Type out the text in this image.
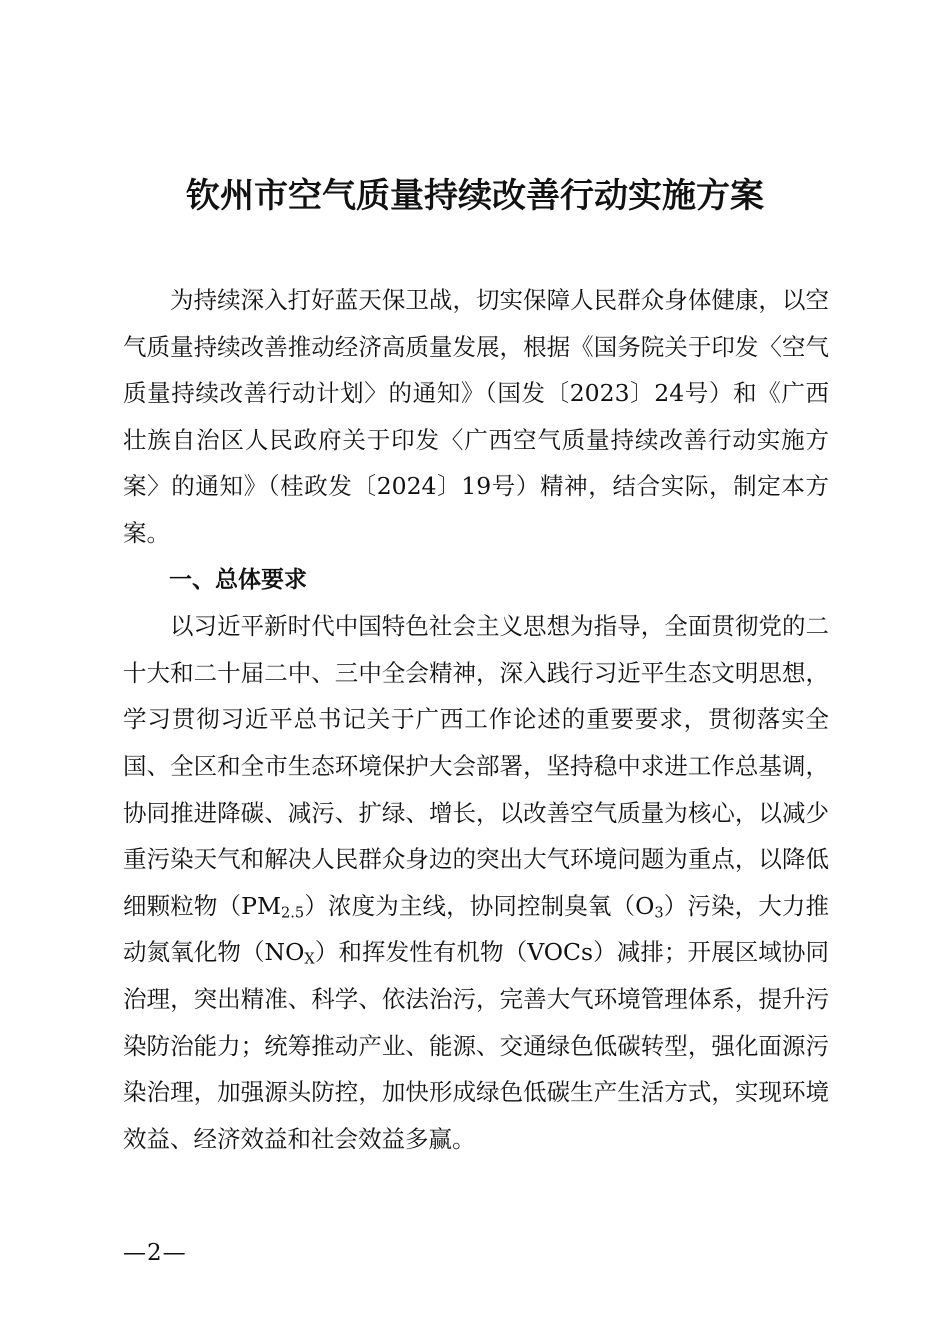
钦州市空气质量持续改善行动实施方案

为持续深入打好蓝天保卫战，切实保障人民群众身体健康，以空气质量持续改善推动经济高质量发展，根据《国务院关于印发〈空气质量持续改善行动计划〉的通知》（国发〔2023〕24号）和《广西壮族自治区人民政府关于印发〈广西空气质量持续改善行动实施方案〉的通知》（桂政发〔2024〕19号）精神，结合实际，制定本方案。

一、总体要求

以习近平新时代中国特色社会主义思想为指导，全面贯彻党的二十大和二十届二中、三中全会精神，深入践行习近平生态文明思想，学习贯彻习近平总书记关于广西工作论述的重要要求，贯彻落实全国、全区和全市生态环境保护大会部署，坚持稳中求进工作总基调，协同推进降碳、减污、扩绿、增长，以改善空气质量为核心，以减少重污染天气和解决人民群众身边的突出大气环境问题为重点，以降低细颗粒物$(PM_{2.5})$浓度为主线，协同控制臭氧$(O_3)$污染，大力推动氮氧化物$(NO_X)$和挥发性有机物（VOCs）减排；开展区域协同治理，突出精准、科学、依法治污，完善大气环境管理体系，提升污染防治能力；统筹推动产业、能源、交通绿色低碳转型，强化面源污染治理，加强源头防控，加快形成绿色低碳生产生活方式，实现环境效益、经济效益和社会效益多赢。

—2—
